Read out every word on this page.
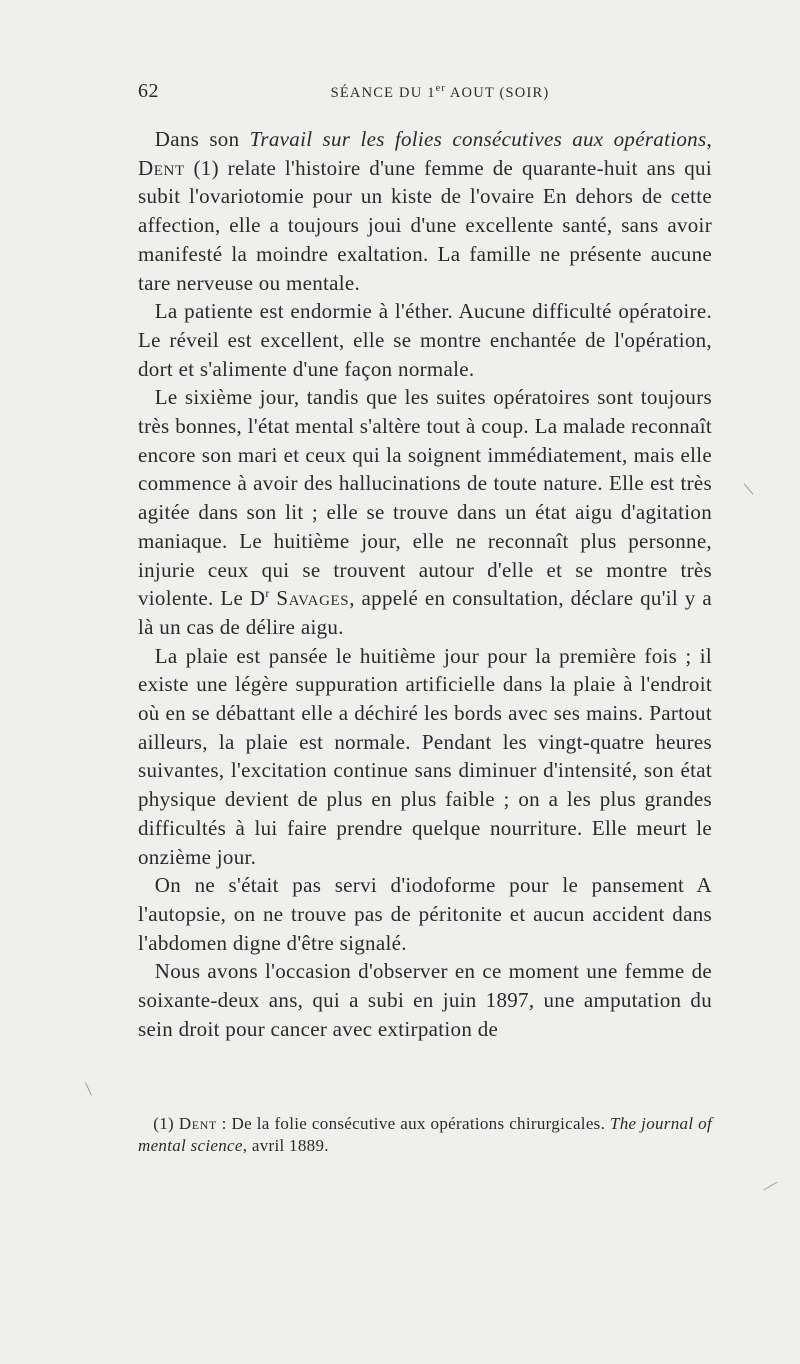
62	SÉANCE DU 1er AOUT (SOIR)

Dans son Travail sur les folies consécutives aux opérations, Dent (1) relate l'histoire d'une femme de quarante-huit ans qui subit l'ovariotomie pour un kiste de l'ovaire En dehors de cette affection, elle a toujours joui d'une excellente santé, sans avoir manifesté la moindre exaltation. La famille ne présente aucune tare nerveuse ou mentale.

La patiente est endormie à l'éther. Aucune difficulté opératoire. Le réveil est excellent, elle se montre enchantée de l'opération, dort et s'alimente d'une façon normale.

Le sixième jour, tandis que les suites opératoires sont toujours très bonnes, l'état mental s'altère tout à coup. La malade reconnaît encore son mari et ceux qui la soignent immédiatement, mais elle commence à avoir des hallucinations de toute nature. Elle est très agitée dans son lit ; elle se trouve dans un état aigu d'agitation maniaque. Le huitième jour, elle ne reconnaît plus personne, injurie ceux qui se trouvent autour d'elle et se montre très violente. Le $D^r$ Savages, appelé en consultation, déclare qu'il y a là un cas de délire aigu.

La plaie est pansée le huitième jour pour la première fois ; il existe une légère suppuration artificielle dans la plaie à l'endroit où en se débattant elle a déchiré les bords avec ses mains. Partout ailleurs, la plaie est normale. Pendant les vingt-quatre heures suivantes, l'excitation continue sans diminuer d'intensité, son état physique devient de plus en plus faible ; on a les plus grandes difficultés à lui faire prendre quelque nourriture. Elle meurt le onzième jour.

On ne s'était pas servi d'iodoforme pour le pansement A l'autopsie, on ne trouve pas de péritonite et aucun accident dans l'abdomen digne d'être signalé.

Nous avons l'occasion d'observer en ce moment une femme de soixante-deux ans, qui a subi en juin 1897, une amputation du sein droit pour cancer avec extirpation de

(1) Dent : De la folie consécutive aux opérations chirurgicales. The journal of mental science, avril 1889.
